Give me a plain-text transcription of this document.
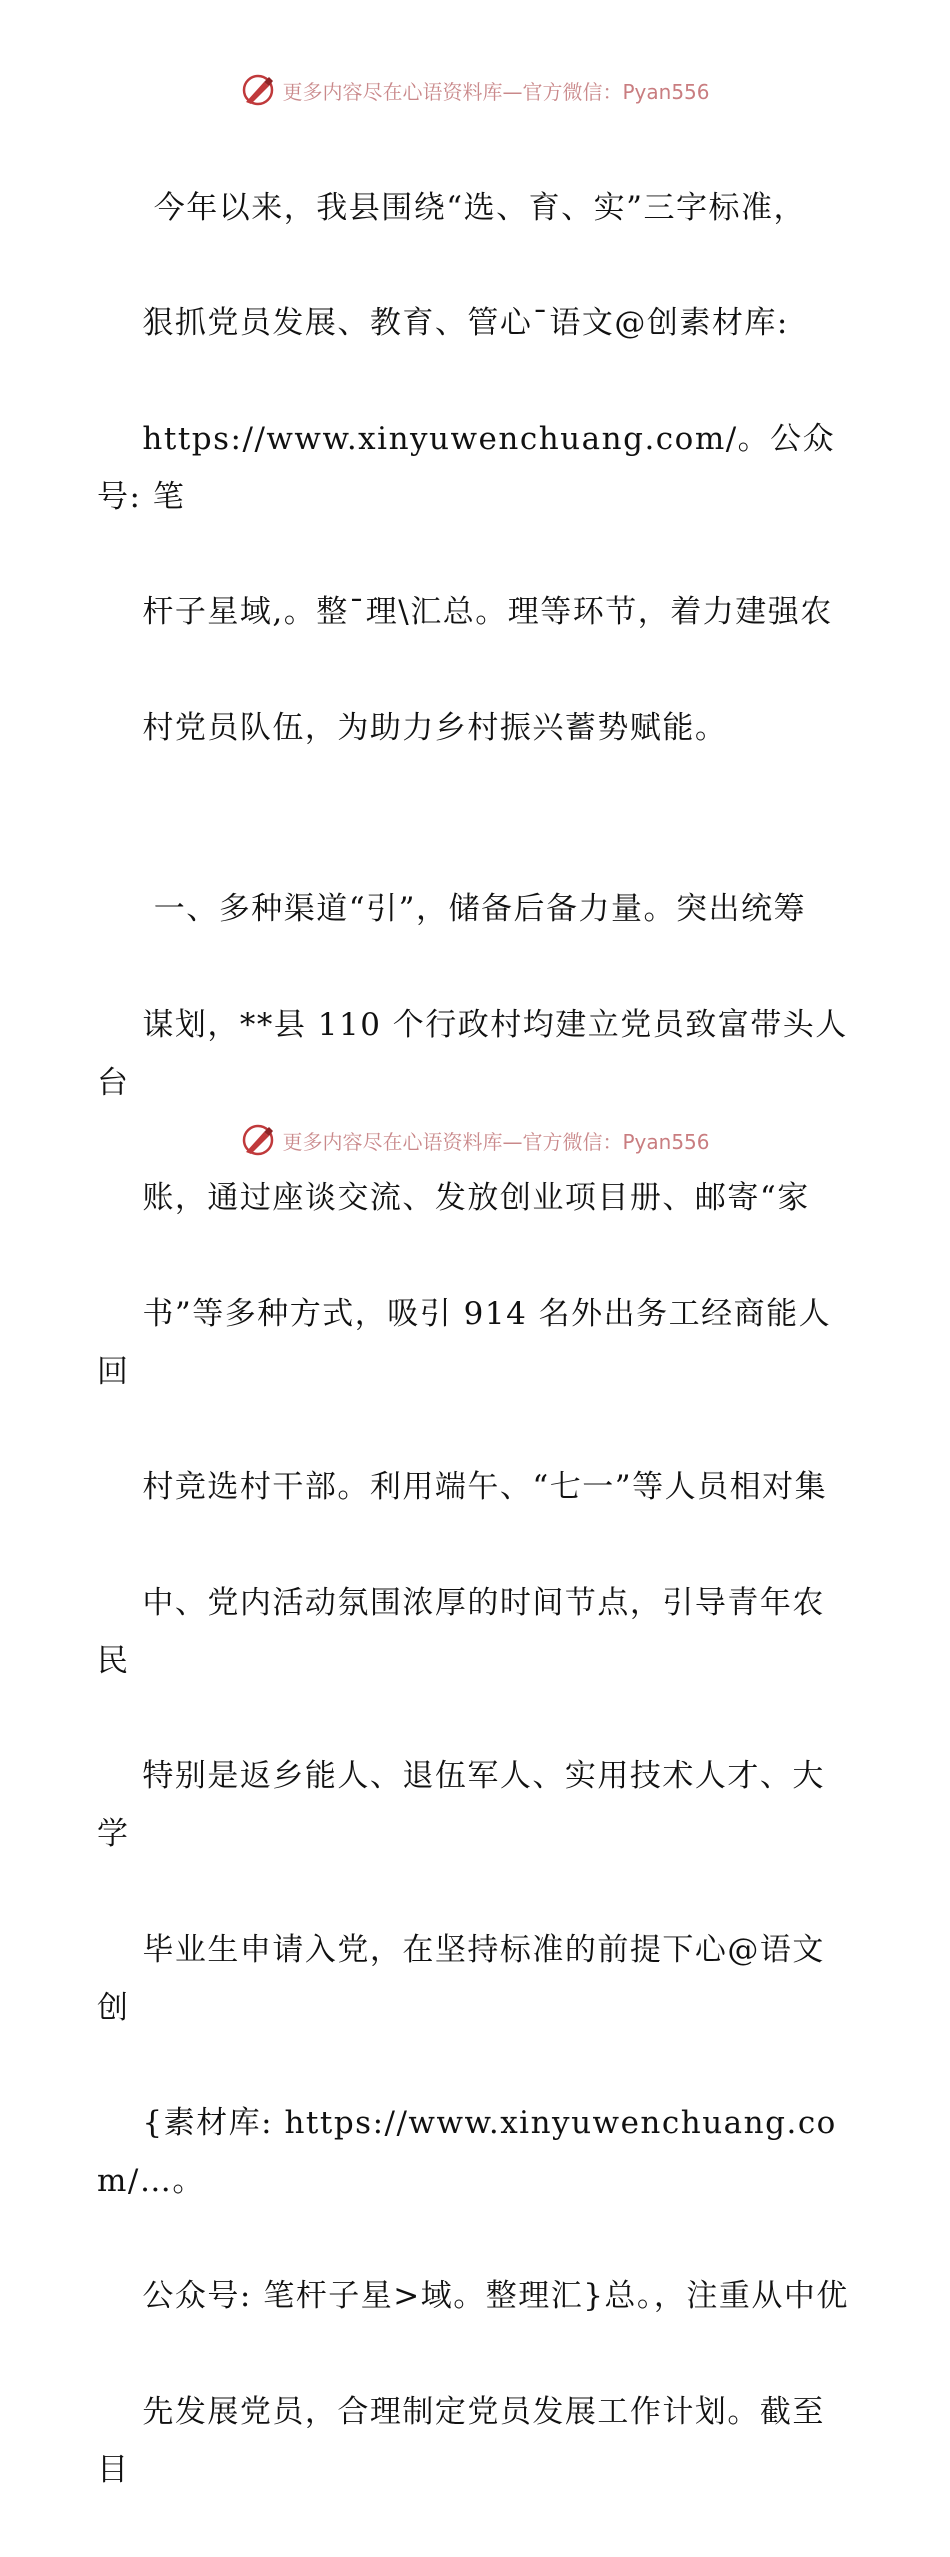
更多内容尽在心语资料库—官方微信：Pyan556

今年以来，我县围绕“选、育、实”三字标准，

狠抓党员发展、教育、管心¯语文@创素材库:

https://www.xinyuwenchuang.com/。公众号: 笔

杆子星域,。整¯理\汇总。理等环节，着力建强农

村党员队伍，为助力乡村振兴蓄势赋能。

一、多种渠道“引”，储备后备力量。突出统筹

谋划，**县 110 个行政村均建立党员致富带头人台

账，通过座谈交流、发放创业项目册、邮寄“家

书”等多种方式，吸引 914 名外出务工经商能人回

村竞选村干部。利用端午、“七一”等人员相对集

中、党内活动氛围浓厚的时间节点，引导青年农民

特别是返乡能人、退伍军人、实用技术人才、大学

毕业生申请入党，在坚持标准的前提下心@语文创

{素材库: https://www.xinyuwenchuang.com/…。

公众号: 笔杆子星>域。整理汇}总。，注重从中优

先发展党员，合理制定党员发展工作计划。截至目

更多内容尽在心语资料库—官方微信：Pyan556
